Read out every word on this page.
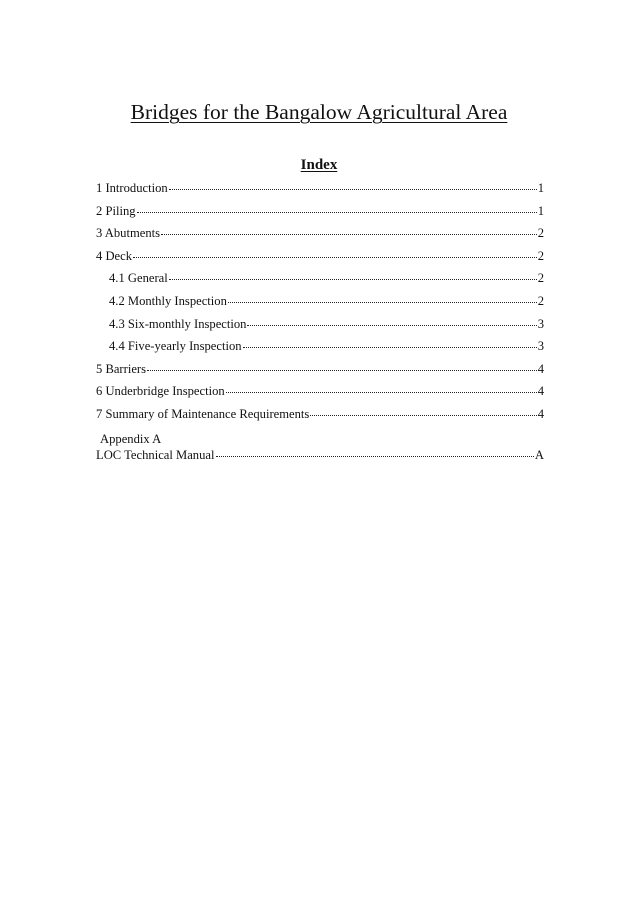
Bridges for the Bangalow Agricultural Area
Index
1 Introduction	1
2 Piling	1
3 Abutments	2
4 Deck	2
4.1 General	2
4.2 Monthly Inspection	2
4.3 Six-monthly Inspection	3
4.4 Five-yearly Inspection	3
5 Barriers	4
6 Underbridge Inspection	4
7 Summary of Maintenance Requirements	4
Appendix A
LOC Technical Manual	A
